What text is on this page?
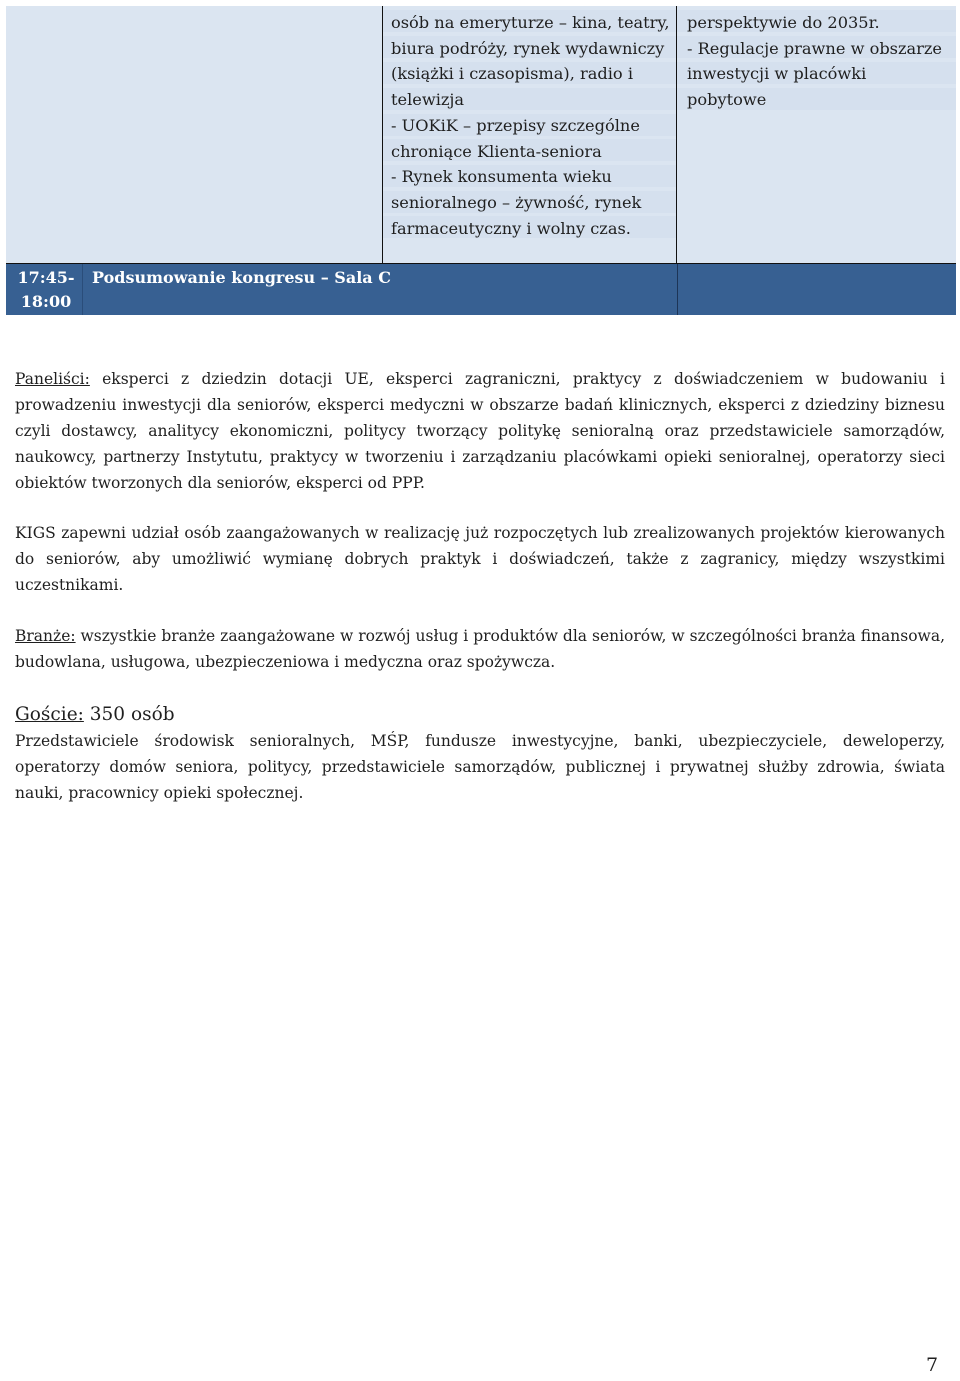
osób na emeryturze – kina, teatry,
biura podróży, rynek wydawniczy
(książki i czasopisma), radio i
telewizja
- UOKiK – przepisy szczególne
chroniące Klienta-seniora
- Rynek konsumenta wieku
senioralnego – żywność, rynek
farmaceutyczny i wolny czas.
perspektywie do 2035r.
- Regulacje prawne w obszarze
inwestycji w placówki
pobytowe
17:45-
18:00
Podsumowanie kongresu – Sala C
Paneliści: eksperci z dziedzin dotacji UE, eksperci zagraniczni, praktycy z doświadczeniem w budowaniu i prowadzeniu inwestycji dla seniorów, eksperci medyczni w obszarze badań klinicznych, eksperci z dziedziny biznesu czyli dostawcy, analitycy ekonomiczni, politycy tworzący politykę senioralną oraz przedstawiciele samorządów, naukowcy, partnerzy Instytutu, praktycy w tworzeniu i zarządzaniu placówkami opieki senioralnej, operatorzy sieci obiektów tworzonych dla seniorów, eksperci od PPP.
KIGS zapewni udział osób zaangażowanych w realizację już rozpoczętych lub zrealizowanych projektów kierowanych do seniorów, aby umożliwić wymianę dobrych praktyk i doświadczeń, także z zagranicy, między wszystkimi uczestnikami.
Branże: wszystkie branże zaangażowane w rozwój usług i produktów dla seniorów, w szczególności branża finansowa, budowlana, usługowa, ubezpieczeniowa i medyczna oraz spożywcza.
Goście: 350 osób
Przedstawiciele środowisk senioralnych, MŚP, fundusze inwestycyjne, banki, ubezpieczyciele, deweloperzy, operatorzy domów seniora, politycy, przedstawiciele samorządów, publicznej i prywatnej służby zdrowia, świata nauki, pracownicy opieki społecznej.
7
